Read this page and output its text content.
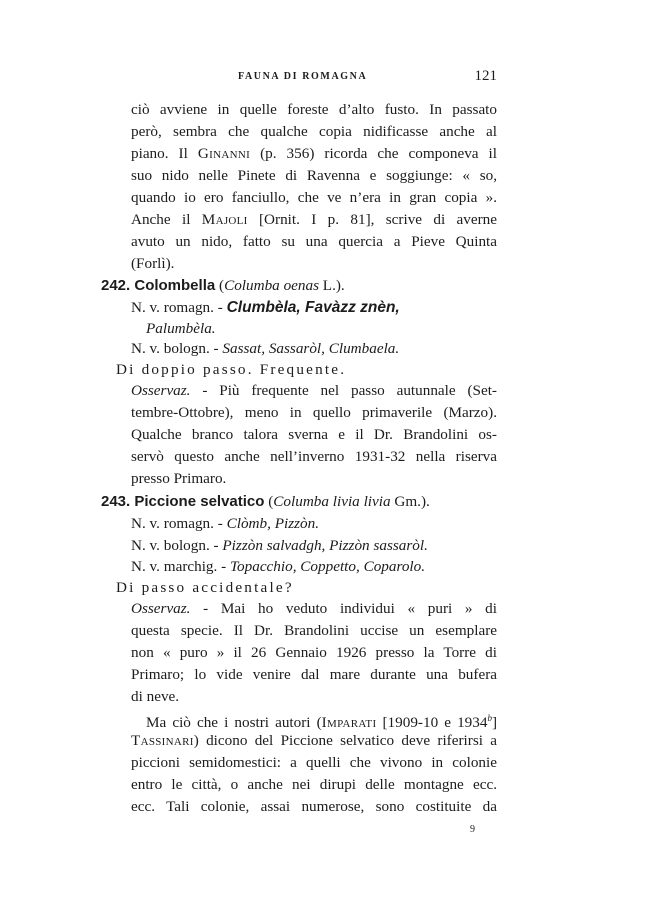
FAUNA DI ROMAGNA	121
ciò avviene in quelle foreste d’alto fusto. In passato
però, sembra che qualche copia nidificasse anche al
piano. Il Ginanni (p. 356) ricorda che componeva il
suo nido nelle Pinete di Ravenna e soggiunge: « so,
quando io ero fanciullo, che ve n’era in gran copia ».
Anche il Majoli [Ornit. I p. 81], scrive di averne
avuto un nido, fatto su una quercia a Pieve Quinta
(Forlì).
242. Colombella (Columba oenas L.).
N. v. romagn. - Clumbèla, Favàzz znèn,
Palumbèla.
N. v. bologn. - Sassat, Sassaròl, Clumbaela.
Di doppio passo. Frequente.
Osservaz. - Più frequente nel passo autunnale (Set-
tembre-Ottobre), meno in quello primaverile (Marzo).
Qualche branco talora sverna e il Dr. Brandolini os-
servò questo anche nell’inverno 1931-32 nella riserva
presso Primaro.
243. Piccione selvatico (Columba livia livia Gm.).
N. v. romagn. - Clòmb, Pizzòn.
N. v. bologn. - Pizzòn salvadgh, Pizzòn sassaròl.
N. v. marchig. - Topacchio, Coppetto, Coparolo.
Di passo accidentale?
Osservaz. - Mai ho veduto individui « puri » di
questa specie. Il Dr. Brandolini uccise un esemplare
non « puro » il 26 Gennaio 1926 presso la Torre di
Primaro; lo vide venire dal mare durante una bufera
di neve.
Ma ciò che i nostri autori (Imparati [1909-10 e 1934$^b$]
Tassinari) dicono del Piccione selvatico deve riferirsi a
piccioni semidomestici: a quelli che vivono in colonie
entro le città, o anche nei dirupi delle montagne ecc.
ecc. Tali colonie, assai numerose, sono costituite da
9
